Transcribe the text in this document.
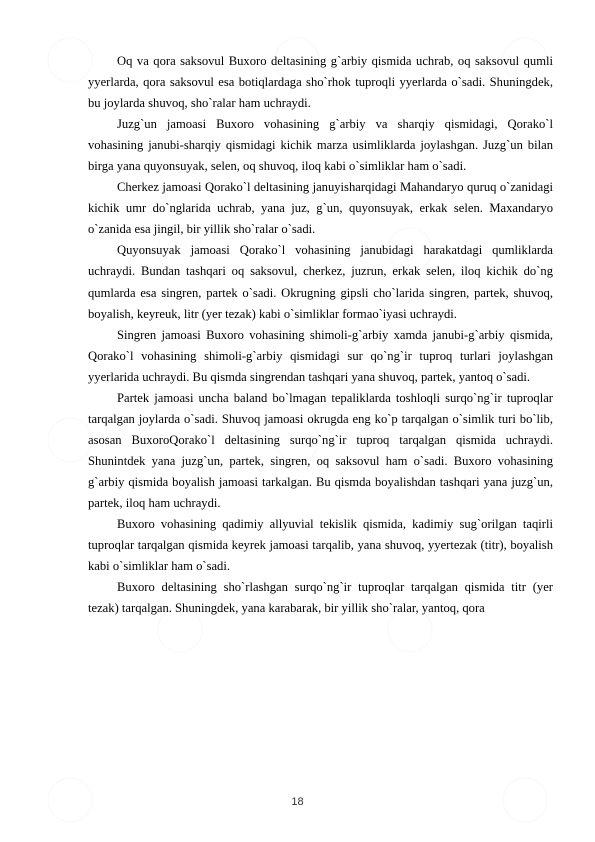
Oq va qora saksovul Buxoro deltasining g`arbiy qismida uchrab, oq saksovul qumli yyerlarda, qora saksovul esa botiqlardaga sho`rhok tuproqli yyerlarda o`sadi. Shuningdek, bu joylarda shuvoq, sho`ralar ham uchraydi.

Juzg`un jamoasi Buxoro vohasining g`arbiy va sharqiy qismidagi, Qorako`l vohasining janubi-sharqiy qismidagi kichik marza usimliklarda joylashgan. Juzg`un bilan birga yana quyonsuyak, selen, oq shuvoq, iloq kabi o`simliklar ham o`sadi.

Cherkez jamoasi Qorako`l deltasining januyisharqidagi Mahandaryo quruq o`zanidagi kichik umr do`nglarida uchrab, yana juz, g`un, quyonsuyak, erkak selen. Maxandaryo o`zanida esa jingil, bir yillik sho`ralar o`sadi.

Quyonsuyak jamoasi Qorako`l vohasining janubidagi harakatdagi qumliklarda uchraydi. Bundan tashqari oq saksovul, cherkez, juzrun, erkak selen, iloq kichik do`ng qumlarda esa singren, partek o`sadi. Okrugning gipsli cho`larida singren, partek, shuvoq, boyalish, keyreuk, litr (yer tezak) kabi o`simliklar formao`iyasi uchraydi.

Singren jamoasi Buxoro vohasining shimoli-g`arbiy xamda janubi-g`arbiy qismida, Qorako`l vohasining shimoli-g`arbiy qismidagi sur qo`ng`ir tuproq turlari joylashgan yyerlarida uchraydi. Bu qismda singrendan tashqari yana shuvoq, partek, yantoq o`sadi.

Partek jamoasi uncha baland bo`lmagan tepaliklarda toshloqli surqo`ng`ir tuproqlar tarqalgan joylarda o`sadi. Shuvoq jamoasi okrugda eng ko`p tarqalgan o`simlik turi bo`lib, asosan BuxoroQorako`l deltasining surqo`ng`ir tuproq tarqalgan qismida uchraydi. Shunintdek yana juzg`un, partek, singren, oq saksovul ham o`sadi. Buxoro vohasining g`arbiy qismida boyalish jamoasi tarkalgan. Bu qismda boyalishdan tashqari yana juzg`un, partek, iloq ham uchraydi.

Buxoro vohasining qadimiy allyuvial tekislik qismida, kadimiy sug`orilgan taqirli tuproqlar tarqalgan qismida keyrek jamoasi tarqalib, yana shuvoq, yyertezak (titr), boyalish kabi o`simliklar ham o`sadi.

Buxoro deltasining sho`rlashgan surqo`ng`ir tuproqlar tarqalgan qismida titr (yer tezak) tarqalgan. Shuningdek, yana karabarak, bir yillik sho`ralar, yantoq, qora

18
